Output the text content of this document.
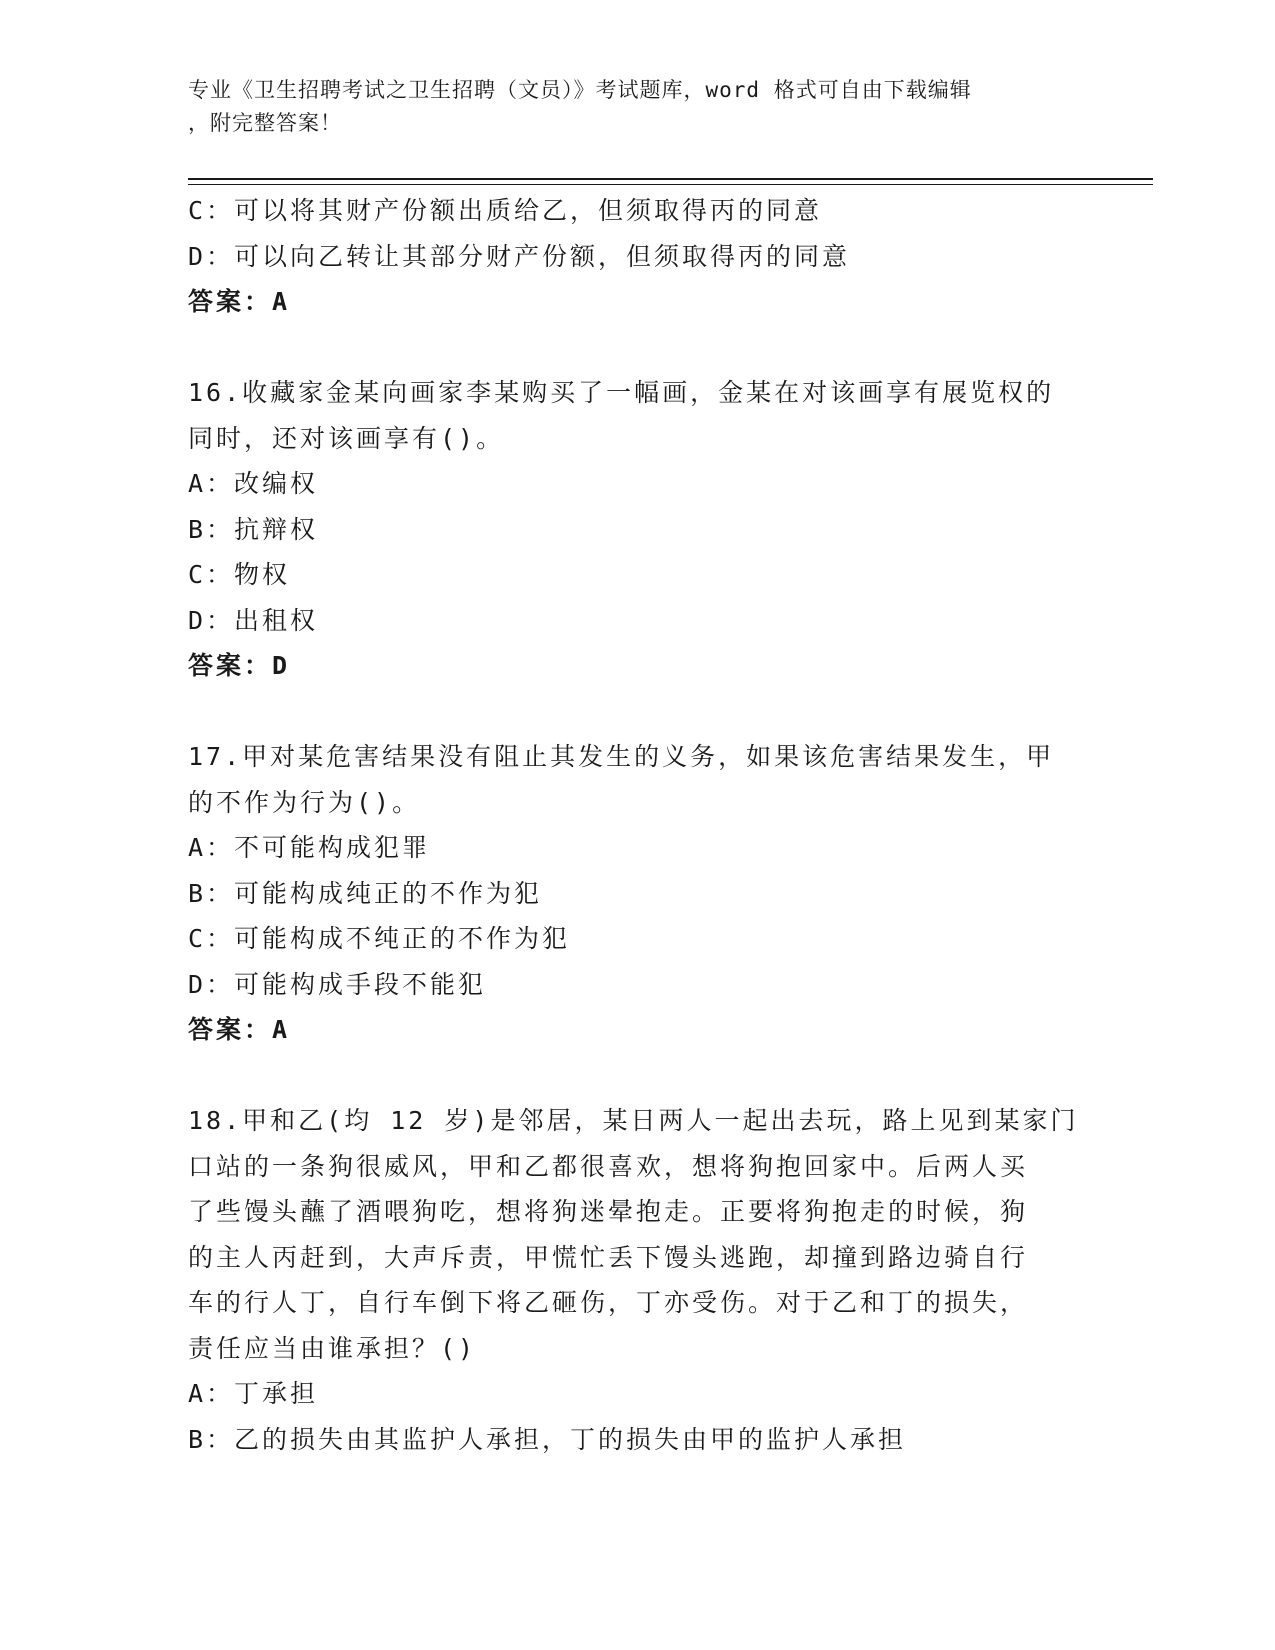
专业《卫生招聘考试之卫生招聘（文员）》考试题库，word 格式可自由下载编辑
，附完整答案！
C：可以将其财产份额出质给乙，但须取得丙的同意
D：可以向乙转让其部分财产份额，但须取得丙的同意
答案：A
16.收藏家金某向画家李某购买了一幅画，金某在对该画享有展览权的
同时，还对该画享有()。
A：改编权
B：抗辩权
C：物权
D：出租权
答案：D
17.甲对某危害结果没有阻止其发生的义务，如果该危害结果发生，甲
的不作为行为()。
A：不可能构成犯罪
B：可能构成纯正的不作为犯
C：可能构成不纯正的不作为犯
D：可能构成手段不能犯
答案：A
18.甲和乙(均 12 岁)是邻居，某日两人一起出去玩，路上见到某家门
口站的一条狗很威风，甲和乙都很喜欢，想将狗抱回家中。后两人买
了些馒头蘸了酒喂狗吃，想将狗迷晕抱走。正要将狗抱走的时候，狗
的主人丙赶到，大声斥责，甲慌忙丢下馒头逃跑，却撞到路边骑自行
车的行人丁，自行车倒下将乙砸伤，丁亦受伤。对于乙和丁的损失，
责任应当由谁承担？()
A：丁承担
B：乙的损失由其监护人承担，丁的损失由甲的监护人承担
